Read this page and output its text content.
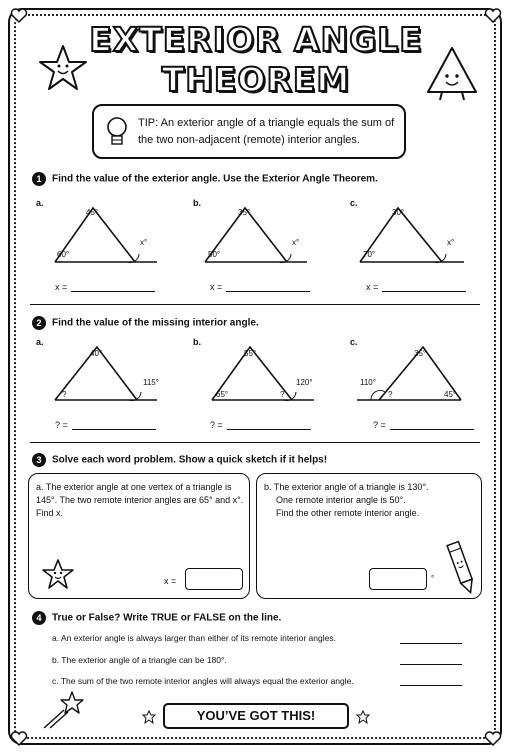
EXTERIOR ANGLE
THEOREM
TIP: An exterior angle of a triangle equals the sum of the two non-adjacent (remote) interior angles.
1 Find the value of the exterior angle. Use the Exterior Angle Theorem.
a.
45°
60°
x°
x =
b.
35°
50°
x°
x =
c.
30°
70°
x°
x =
2 Find the value of the missing interior angle.
a.
40°
?
115°
? =
b.
55°
65°	?
120°
? =
c.
35°
45°
?
110°
? =
3 Solve each word problem. Show a quick sketch if it helps!
a. The exterior angle at one vertex of a triangle is 145°. The two remote interior angles are 65° and x°. Find x.
x =
b. The exterior angle of a triangle is 130°.
One remote interior angle is 50°.
Find the other remote interior angle.
°
4 True or False? Write TRUE or FALSE on the line.
a. An exterior angle is always larger than either of its remote interior angles.
b. The exterior angle of a triangle can be 180°.
c. The sum of the two remote interior angles will always equal the exterior angle.
YOU’VE GOT THIS!
